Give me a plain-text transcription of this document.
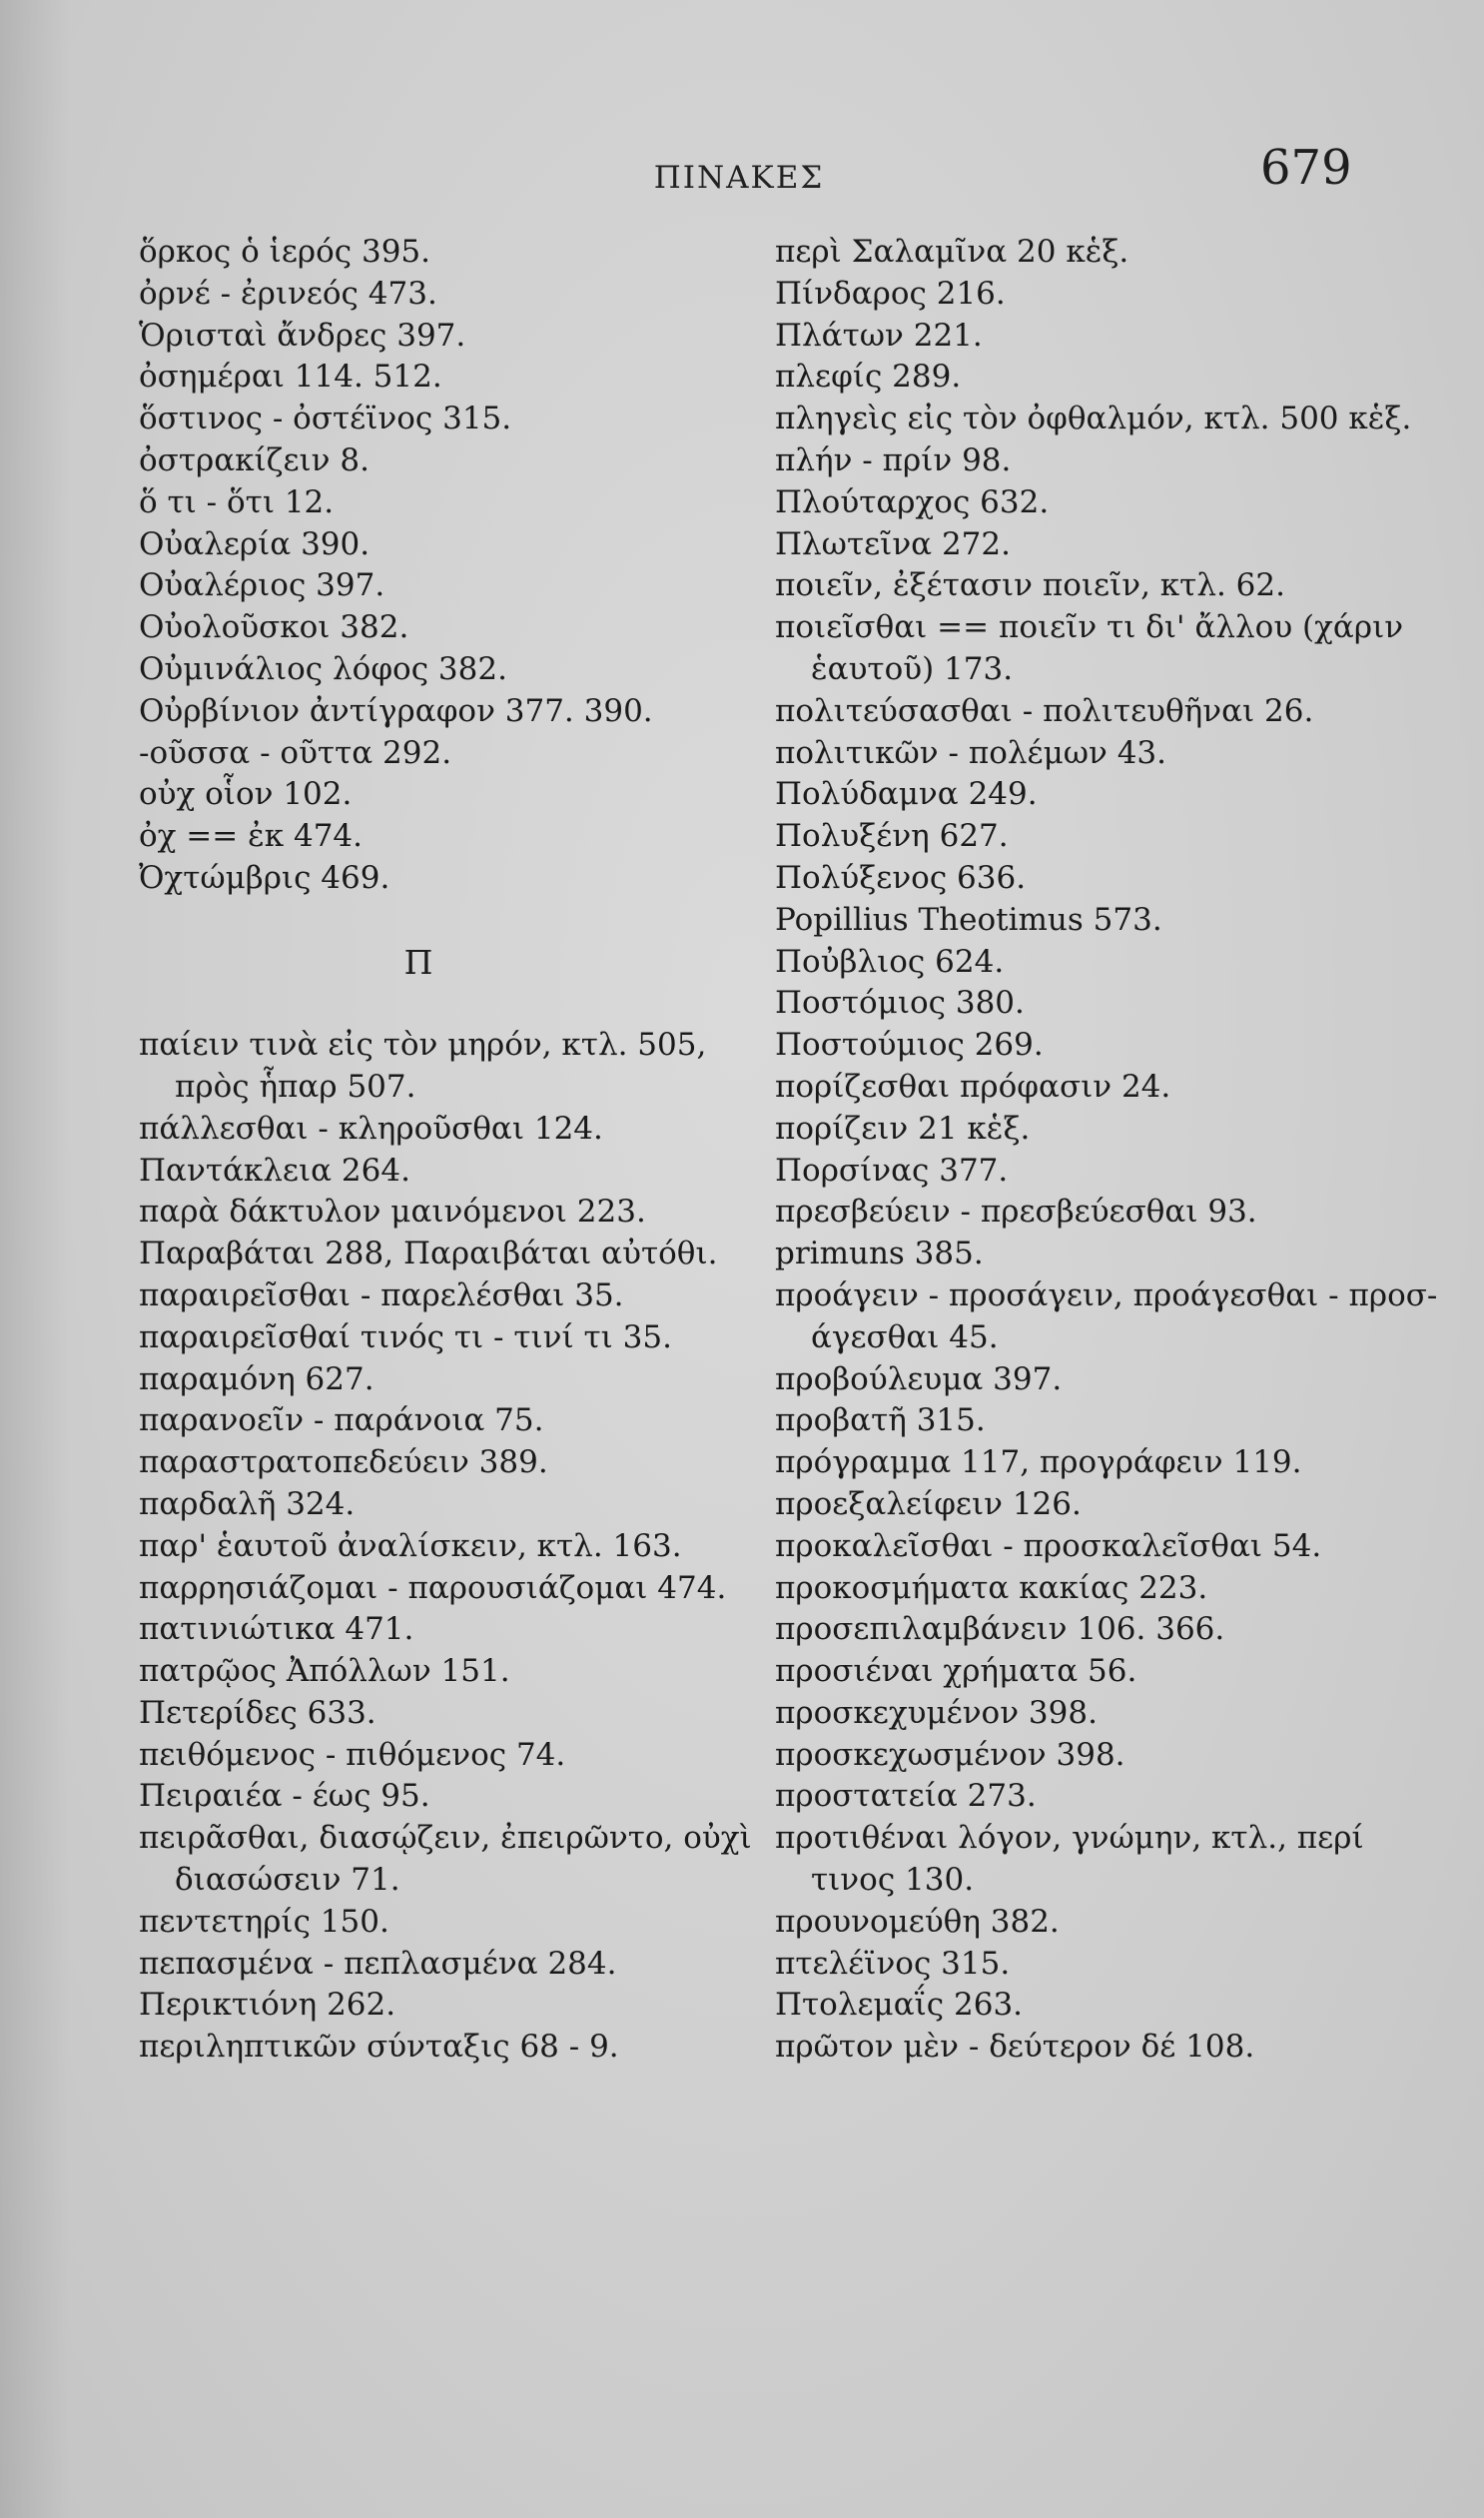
ΠΙΝΑΚΕΣ	679
ὅρκος ὁ ἱερός 395.
ὀρνέ - ἐρινεός 473.
Ὁρισταὶ ἄνδρες 397.
ὀσημέραι 114. 512.
ὅστινος - ὀστέϊνος 315.
ὀστρακίζειν 8.
ὅ τι - ὅτι 12.
Οὐαλερία 390.
Οὐαλέριος 397.
Οὐολοῦσκοι 382.
Οὐμινάλιος λόφος 382.
Οὐρβίνιον ἀντίγραφον 377. 390.
-οῦσσα - οῦττα 292.
οὐχ οἷον 102.
ὀχ == ἐκ 474.
Ὀχτώμβρις 469.
Π
παίειν τινὰ εἰς τὸν μηρόν, κτλ. 505,
πρὸς ἧπαρ 507.
πάλλεσθαι - κληροῦσθαι 124.
Παντάκλεια 264.
παρὰ δάκτυλον μαινόμενοι 223.
Παραβάται 288, Παραιβάται αὐτόθι.
παραιρεῖσθαι - παρελέσθαι 35.
παραιρεῖσθαί τινός τι - τινί τι 35.
παραμόνη 627.
παρανοεῖν - παράνοια 75.
παραστρατοπεδεύειν 389.
παρδαλῆ 324.
παρ' ἑαυτοῦ ἀναλίσκειν, κτλ. 163.
παρρησιάζομαι - παρουσιάζομαι 474.
πατινιώτικα 471.
πατρῷος Ἀπόλλων 151.
Πετερίδες 633.
πειθόμενος - πιθόμενος 74.
Πειραιέα - έως 95.
πειρᾶσθαι, διασῴζειν, ἐπειρῶντο, οὐχὶ
διασώσειν 71.
πεντετηρίς 150.
πεπασμένα - πεπλασμένα 284.
Περικτιόνη 262.
περιληπτικῶν σύνταξις 68 - 9.
περὶ Σαλαμῖνα 20 κἑξ.
Πίνδαρος 216.
Πλάτων 221.
πλεφίς 289.
πληγεὶς εἰς τὸν ὀφθαλμόν, κτλ. 500 κἑξ.
πλήν - πρίν 98.
Πλούταρχος 632.
Πλωτεῖνα 272.
ποιεῖν, ἐξέτασιν ποιεῖν, κτλ. 62.
ποιεῖσθαι == ποιεῖν τι δι' ἄλλου (χάριν
ἑαυτοῦ) 173.
πολιτεύσασθαι - πολιτευθῆναι 26.
πολιτικῶν - πολέμων 43.
Πολύδαμνα 249.
Πολυξένη 627.
Πολύξενος 636.
Popillius Theotimus 573.
Ποὐβλιος 624.
Ποστόμιος 380.
Ποστούμιος 269.
πορίζεσθαι πρόφασιν 24.
πορίζειν 21 κἑξ.
Πορσίνας 377.
πρεσβεύειν - πρεσβεύεσθαι 93.
primuns 385.
προάγειν - προσάγειν, προάγεσθαι - προσ-
άγεσθαι 45.
προβούλευμα 397.
προβατῆ 315.
πρόγραμμα 117, προγράφειν 119.
προεξαλείφειν 126.
προκαλεῖσθαι - προσκαλεῖσθαι 54.
προκοσμήματα κακίας 223.
προσεπιλαμβάνειν 106. 366.
προσιέναι χρήματα 56.
προσκεχυμένον 398.
προσκεχωσμένον 398.
προστατεία 273.
προτιθέναι λόγον, γνώμην, κτλ., περί
τινος 130.
προυνομεύθη 382.
πτελέϊνος 315.
Πτολεμαΐς 263.
πρῶτον μὲν - δεύτερον δέ 108.
